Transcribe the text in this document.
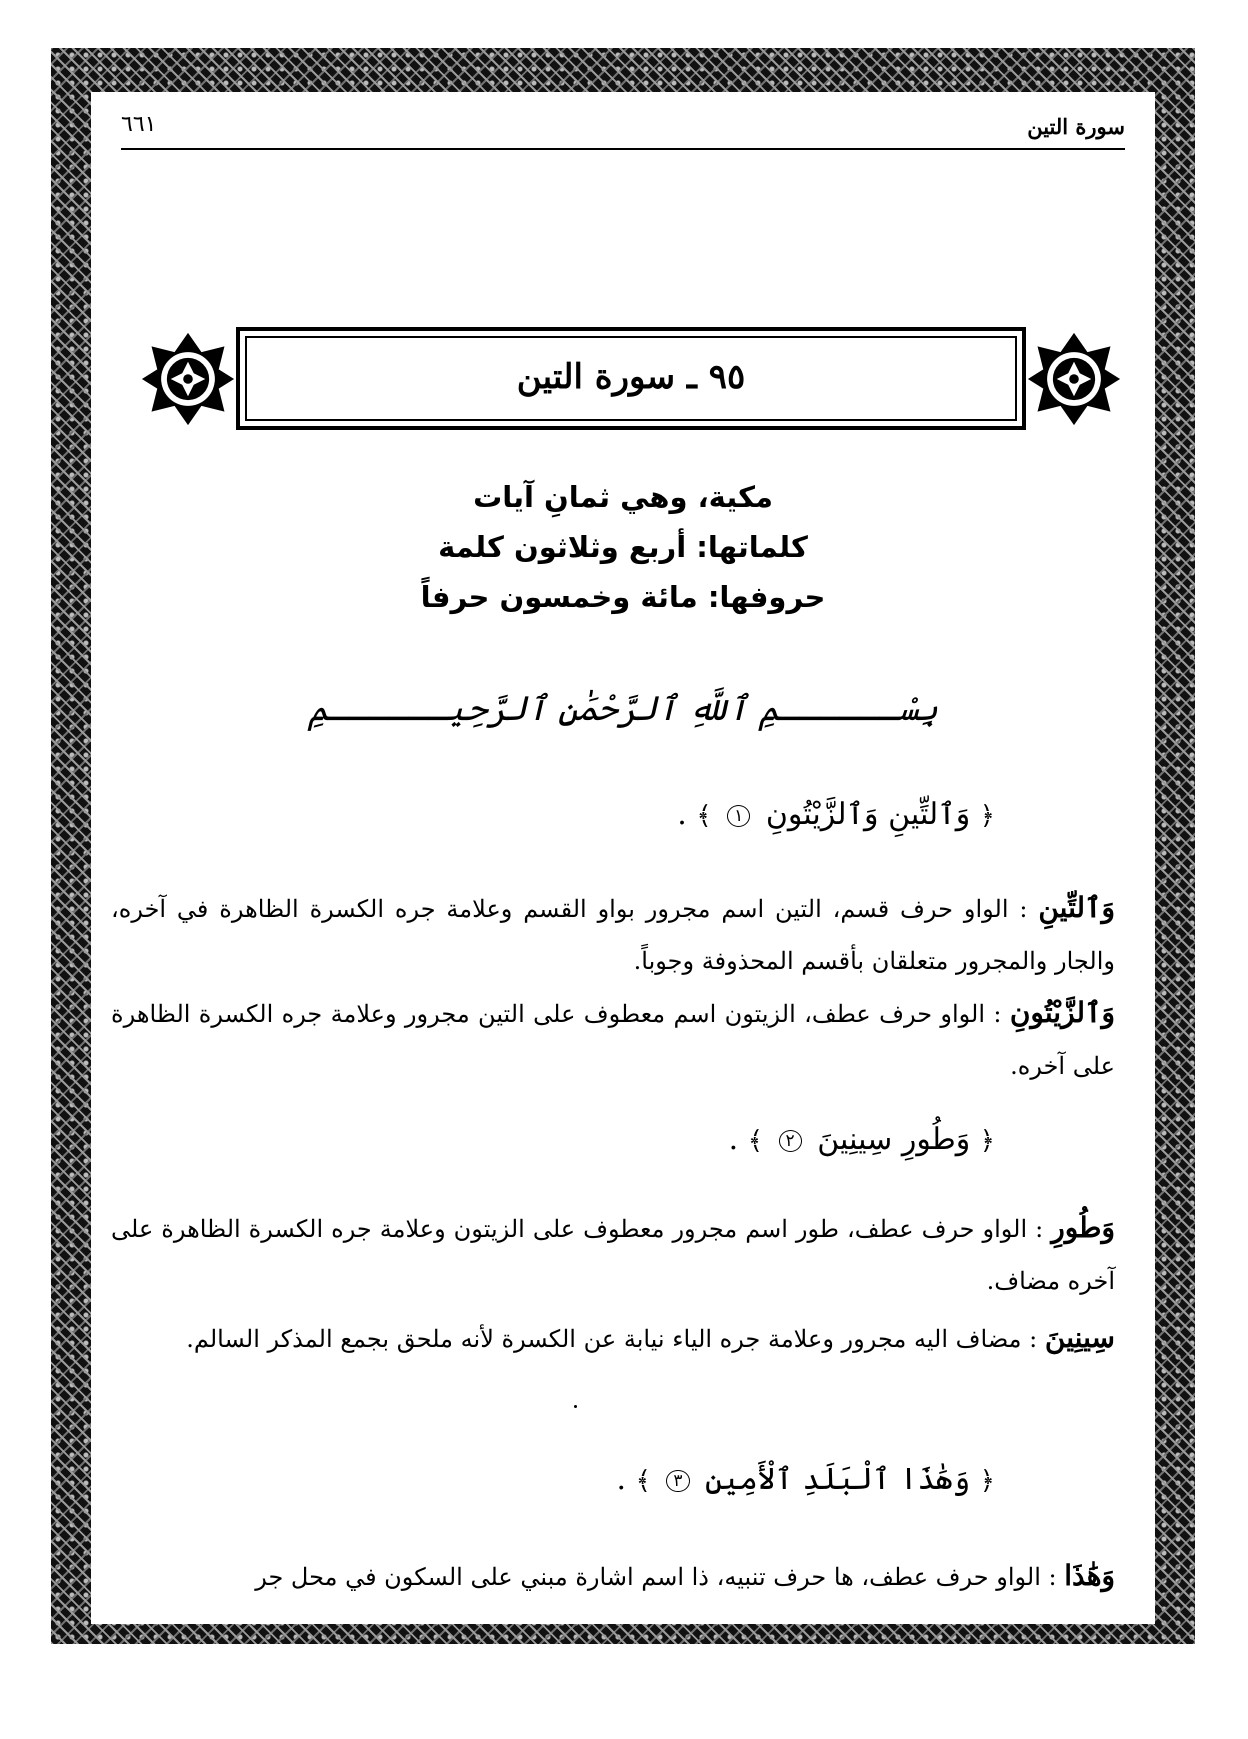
سورة التين
٦٦١
٩٥ ـ سورة التين
مكية، وهي ثمانِ آيات
كلماتها: أربع وثلاثون كلمة
حروفها: مائة وخمسون حرفاً
بِسْــــــمِ ٱللَّهِ ٱلرَّحْمَٰنِ ٱلرَّحِيــــــمِ
﴿ وَٱلتِّينِ وَٱلزَّيْتُونِ ١ ﴾ .
وَٱلتِّينِ : الواو حرف قسم، التين اسم مجرور بواو القسم وعلامة جره الكسرة الظاهرة في آخره، والجار والمجرور متعلقان بأقسم المحذوفة وجوباً.
وَٱلزَّيْتُونِ : الواو حرف عطف، الزيتون اسم معطوف على التين مجرور وعلامة جره الكسرة الظاهرة على آخره.
﴿ وَطُورِ سِينِينَ ٢ ﴾ .
وَطُورِ : الواو حرف عطف، طور اسم مجرور معطوف على الزيتون وعلامة جره الكسرة الظاهرة على آخره مضاف.
سِينِينَ : مضاف اليه مجرور وعلامة جره الياء نيابة عن الكسرة لأنه ملحق بجمع المذكر السالم.
﴿ وَهَٰذَا ٱلْبَلَدِ ٱلْأَمِينِ ٣ ﴾ .
وَهَٰذَا : الواو حرف عطف، ها حرف تنبيه، ذا اسم اشارة مبني على السكون في محل جر
